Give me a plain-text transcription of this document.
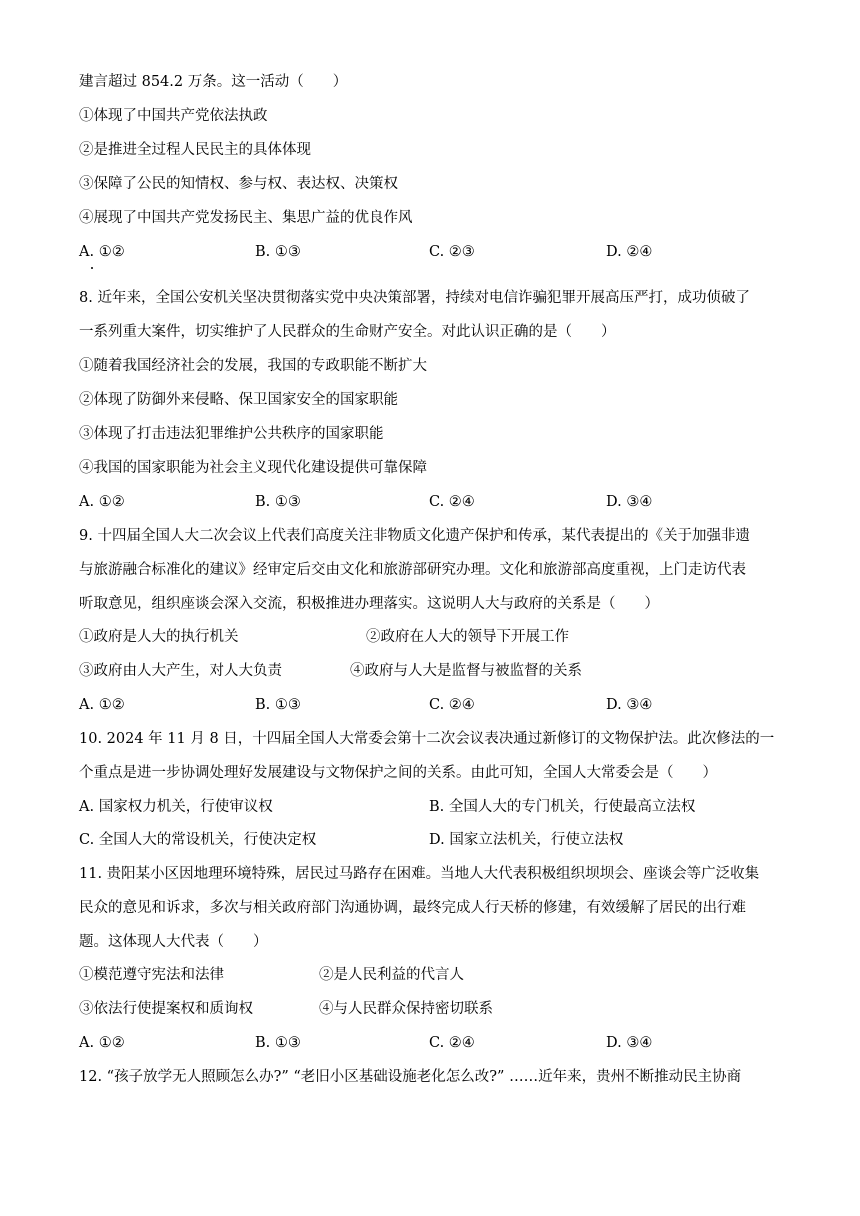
建言超过 854.2 万条。这一活动（　　）
①体现了中国共产党依法执政
②是推进全过程人民民主的具体体现
③保障了公民的知情权、参与权、表达权、决策权
④展现了中国共产党发扬民主、集思广益的优良作风
A. ①②	B. ①③	C. ②③	D. ②④
8. 近年来，全国公安机关坚决贯彻落实党中央决策部署，持续对电信诈骗犯罪开展高压严打，成功侦破了
一系列重大案件，切实维护了人民群众的生命财产安全。对此认识正确的是（　　）
①随着我国经济社会的发展，我国的专政职能不断扩大
②体现了防御外来侵略、保卫国家安全的国家职能
③体现了打击违法犯罪维护公共秩序的国家职能
④我国的国家职能为社会主义现代化建设提供可靠保障
A. ①②	B. ①③	C. ②④	D. ③④
9. 十四届全国人大二次会议上代表们高度关注非物质文化遗产保护和传承，某代表提出的《关于加强非遗
与旅游融合标准化的建议》经审定后交由文化和旅游部研究办理。文化和旅游部高度重视，上门走访代表
听取意见，组织座谈会深入交流，积极推进办理落实。这说明人大与政府的关系是（　　）
①政府是人大的执行机关	②政府在人大的领导下开展工作
③政府由人大产生，对人大负责	④政府与人大是监督与被监督的关系
A. ①②	B. ①③	C. ②④	D. ③④
10. 2024 年 11 月 8 日，十四届全国人大常委会第十二次会议表决通过新修订的文物保护法。此次修法的一
个重点是进一步协调处理好发展建设与文物保护之间的关系。由此可知，全国人大常委会是（　　）
A. 国家权力机关，行使审议权	B. 全国人大的专门机关，行使最高立法权
C. 全国人大的常设机关，行使决定权	D. 国家立法机关，行使立法权
11. 贵阳某小区因地理环境特殊，居民过马路存在困难。当地人大代表积极组织坝坝会、座谈会等广泛收集
民众的意见和诉求，多次与相关政府部门沟通协调，最终完成人行天桥的修建，有效缓解了居民的出行难
题。这体现人大代表（　　）
①模范遵守宪法和法律	②是人民利益的代言人
③依法行使提案权和质询权	④与人民群众保持密切联系
A. ①②	B. ①③	C. ②④	D. ③④
12. “孩子放学无人照顾怎么办?” “老旧小区基础设施老化怎么改?” ……近年来，贵州不断推动民主协商
